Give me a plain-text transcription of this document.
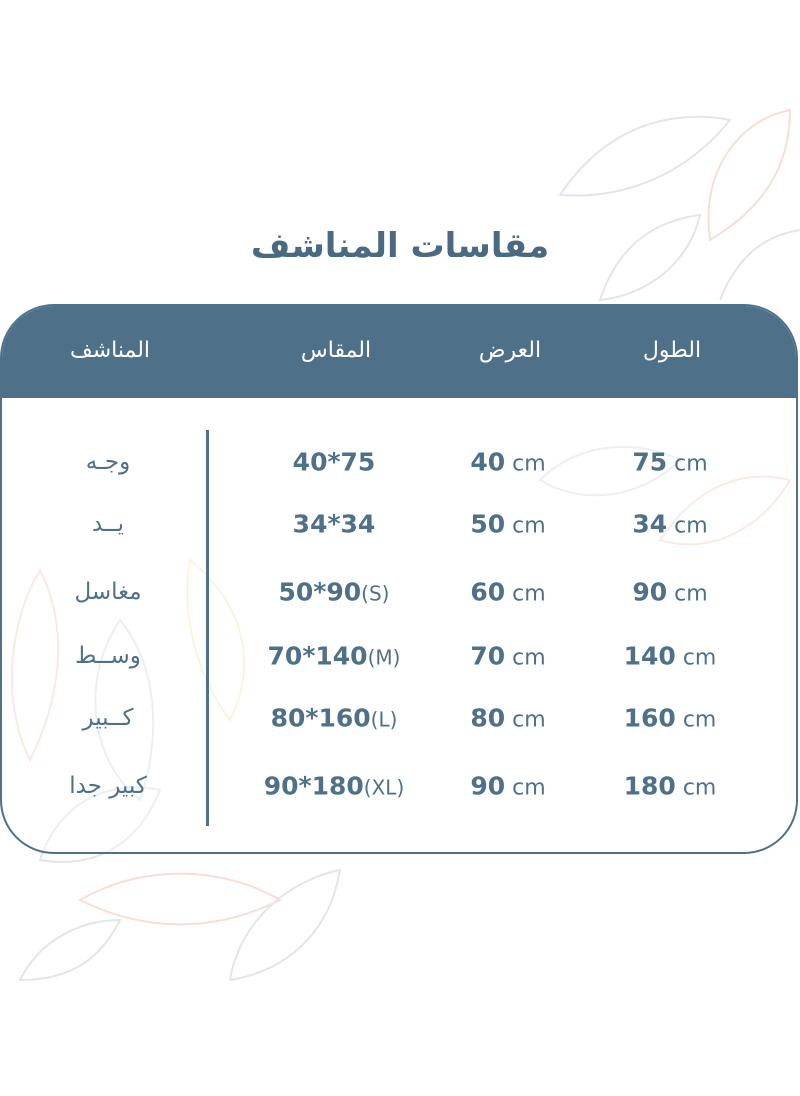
مقاسات المناشف
المناشف	المقاس	العرض	الطول
وجـه	40*75	40 cm	75 cm
يــد	34*34	50 cm	34 cm
مغاسل	50*90(S)	60 cm	90 cm
وســط	70*140(M)	70 cm	140 cm
كــبير	80*160(L)	80 cm	160 cm
كبير جدا	90*180(XL)	90 cm	180 cm
